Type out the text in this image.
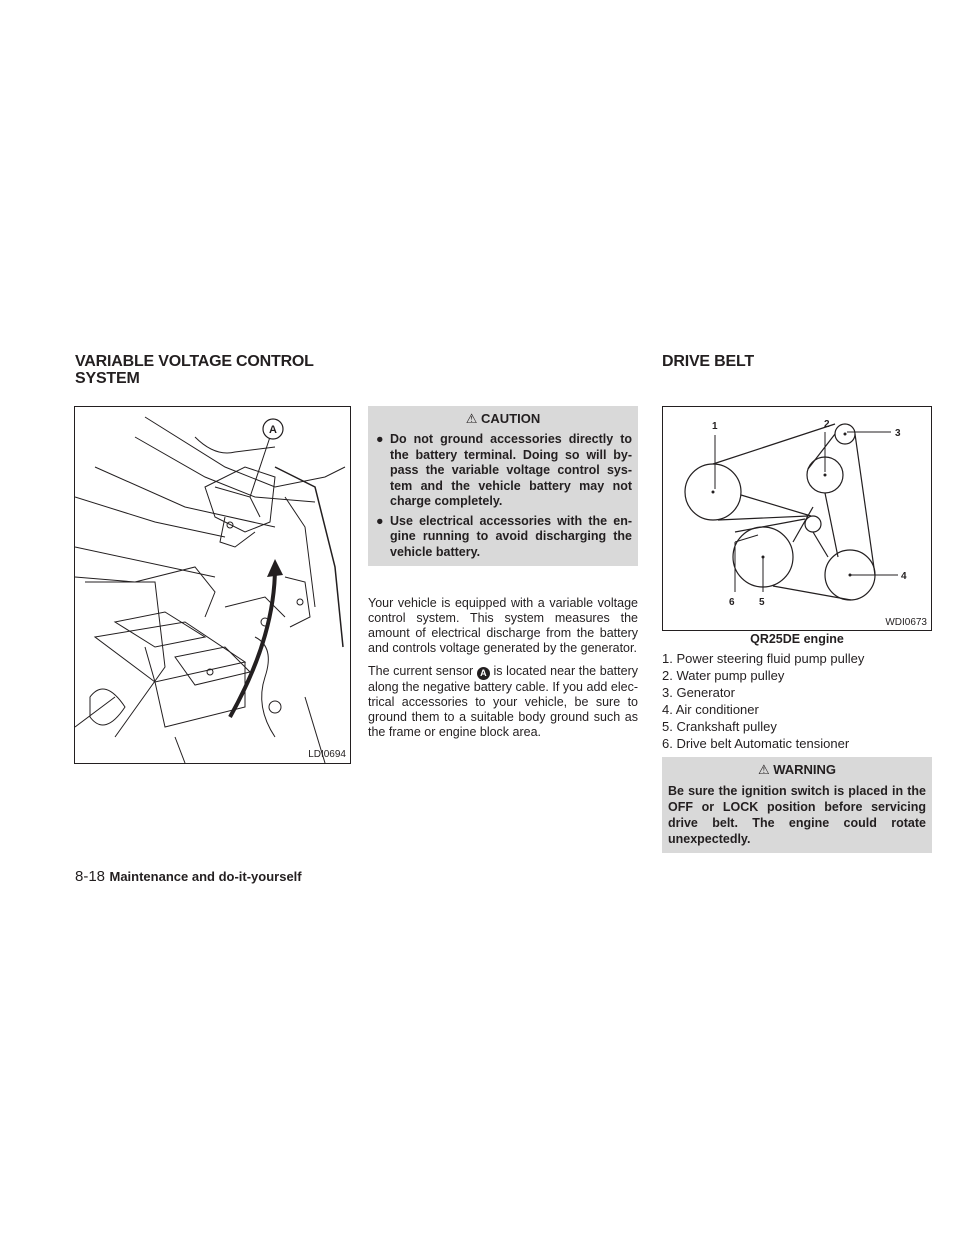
VARIABLE VOLTAGE CONTROL
SYSTEM
DRIVE BELT
A
LDI0694
⚠ CAUTION
● Do not ground accessories directly to the battery terminal. Doing so will by-pass the variable voltage control sys-tem and the vehicle battery may not charge completely.
● Use electrical accessories with the en-gine running to avoid discharging the vehicle battery.

Your vehicle is equipped with a variable voltage control system. This system measures the amount of electrical discharge from the battery and controls voltage generated by the generator.

The current sensor A is located near the battery along the negative battery cable. If you add elec-trical accessories to your vehicle, be sure to ground them to a suitable body ground such as the frame or engine block area.

1	2
3
4
5
6
WDI0673
QR25DE engine
1. Power steering fluid pump pulley
2. Water pump pulley
3. Generator
4. Air conditioner
5. Crankshaft pulley
6. Drive belt Automatic tensioner
⚠ WARNING
Be sure the ignition switch is placed in the OFF or LOCK position before servicing drive belt. The engine could rotate unexpectedly.
8-18 Maintenance and do-it-yourself
